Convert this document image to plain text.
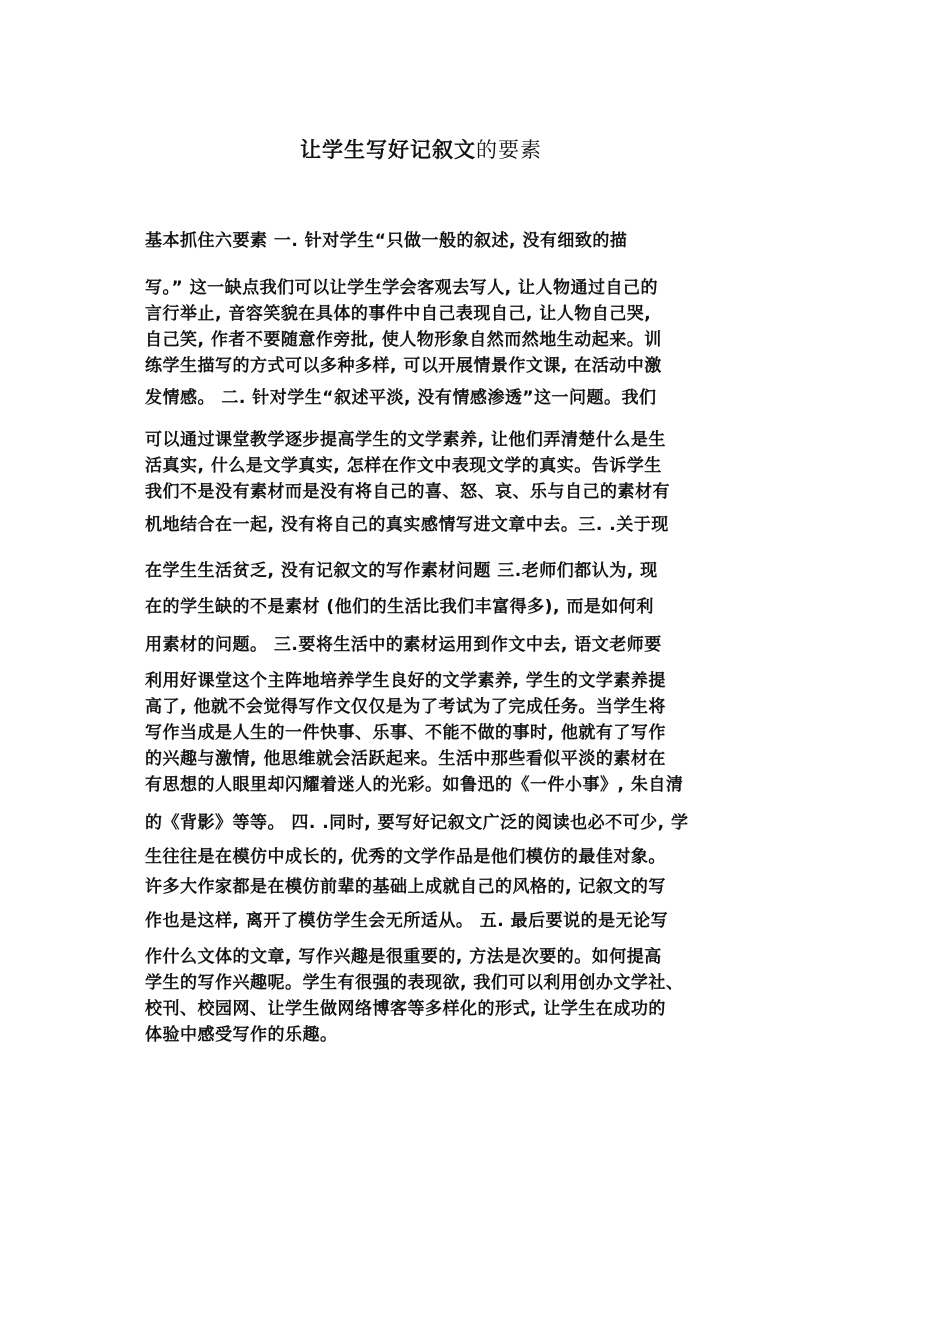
让学生写好记叙文的要素
基本抓住六要素 一. 针对学生“只做一般的叙述, 没有细致的描
写。” 这一缺点我们可以让学生学会客观去写人, 让人物通过自己的
言行举止, 音容笑貌在具体的事件中自己表现自己, 让人物自己哭,
自己笑, 作者不要随意作旁批, 使人物形象自然而然地生动起来。训
练学生描写的方式可以多种多样, 可以开展情景作文课, 在活动中激
发情感。 二. 针对学生“叙述平淡, 没有情感渗透”这一问题。我们
可以通过课堂教学逐步提高学生的文学素养, 让他们弄清楚什么是生
活真实, 什么是文学真实, 怎样在作文中表现文学的真实。告诉学生
我们不是没有素材而是没有将自己的喜、怒、哀、乐与自己的素材有
机地结合在一起, 没有将自己的真实感情写进文章中去。三. .关于现
在学生生活贫乏, 没有记叙文的写作素材问题 三.老师们都认为, 现
在的学生缺的不是素材 (他们的生活比我们丰富得多), 而是如何利
用素材的问题。 三.要将生活中的素材运用到作文中去, 语文老师要
利用好课堂这个主阵地培养学生良好的文学素养, 学生的文学素养提
高了, 他就不会觉得写作文仅仅是为了考试为了完成任务。当学生将
写作当成是人生的一件快事、乐事、不能不做的事时, 他就有了写作
的兴趣与激情, 他思维就会活跃起来。生活中那些看似平淡的素材在
有思想的人眼里却闪耀着迷人的光彩。如鲁迅的《一件小事》, 朱自清
的《背影》等等。 四. .同时, 要写好记叙文广泛的阅读也必不可少, 学
生往往是在模仿中成长的, 优秀的文学作品是他们模仿的最佳对象。
许多大作家都是在模仿前辈的基础上成就自己的风格的, 记叙文的写
作也是这样, 离开了模仿学生会无所适从。 五. 最后要说的是无论写
作什么文体的文章, 写作兴趣是很重要的, 方法是次要的。如何提高
学生的写作兴趣呢。学生有很强的表现欲, 我们可以利用创办文学社、
校刊、校园网、让学生做网络博客等多样化的形式, 让学生在成功的
体验中感受写作的乐趣。
